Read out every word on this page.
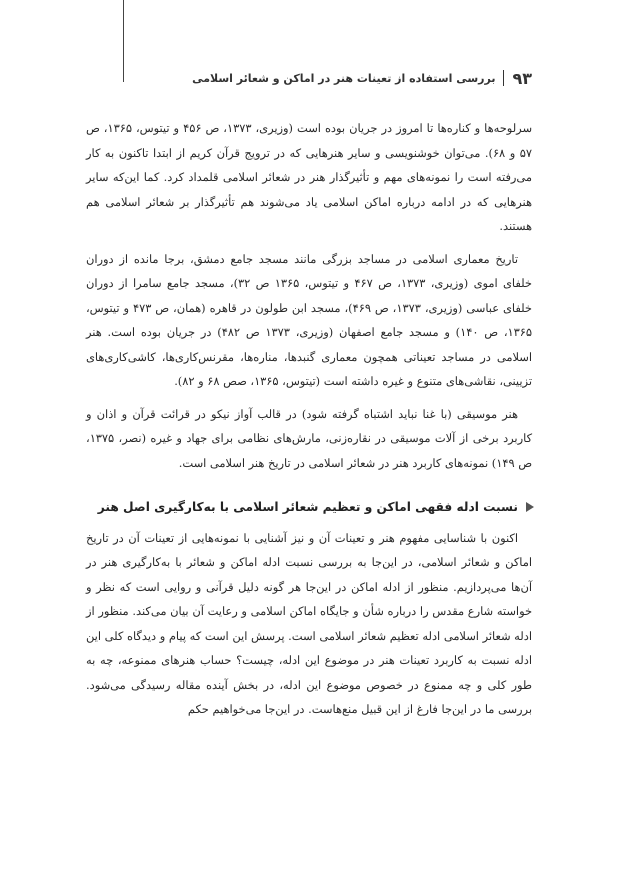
۹۳
بررسی استفاده از تعینات هنر در اماکن و شعائر اسلامی

سرلوحه‌ها و کناره‌ها تا امروز در جریان بوده است (وزیری، ۱۳۷۳، ص ۴۵۶ و تیتوس، ۱۳۶۵، ص ۵۷ و ۶۸). می‌توان خوشنویسی و سایر هنرهایی که در ترویج قرآن کریم از ابتدا تاکنون به کار می‌رفته است را نمونه‌های مهم و تأثیرگذار هنر در شعائر اسلامی قلمداد کرد. کما این‌که سایر هنرهایی که در ادامه درباره اماکن اسلامی یاد می‌شوند هم تأثیرگذار بر شعائر اسلامی هم هستند.

تاریخ معماری اسلامی در مساجد بزرگی مانند مسجد جامع دمشق، برجا مانده از دوران خلفای اموی (وزیری، ۱۳۷۳، ص ۴۶۷ و تیتوس، ۱۳۶۵ ص ۳۲)، مسجد جامع سامرا از دوران خلفای عباسی (وزیری، ۱۳۷۳، ص ۴۶۹)، مسجد ابن طولون در قاهره (همان، ص ۴۷۳ و تیتوس، ۱۳۶۵، ص ۱۴۰) و مسجد جامع اصفهان (وزیری، ۱۳۷۳ ص ۴۸۲) در جریان بوده است. هنر اسلامی در مساجد تعیناتی همچون معماری گنبدها، مناره‌ها، مقرنس‌کاری‌ها، کاشی‌کاری‌های تزیینی، نقاشی‌های متنوع و غیره داشته است (تیتوس، ۱۳۶۵، صص ۶۸ و ۸۲).

هنر موسیقی (با غنا نباید اشتباه گرفته شود) در قالب آواز نیکو در قرائت قرآن و اذان و کاربرد برخی از آلات موسیقی در نقاره‌زنی، مارش‌های نظامی برای جهاد و غیره (نصر، ۱۳۷۵، ص ۱۴۹) نمونه‌های کاربرد هنر در شعائر اسلامی در تاریخ هنر اسلامی است.

نسبت ادله فقهی اماکن و تعظیم شعائر اسلامی با به‌کارگیری اصل هنر

اکنون با شناسایی مفهوم هنر و تعینات آن و نیز آشنایی با نمونه‌هایی از تعینات آن در تاریخ اماکن و شعائر اسلامی، در این‌جا به بررسی نسبت ادله اماکن و شعائر با به‌کارگیری هنر در آن‌ها می‌پردازیم. منظور از ادله اماکن در این‌جا هر گونه دلیل قرآنی و روایی است که نظر و خواسته شارع مقدس را درباره شأن و جایگاه اماکن اسلامی و رعایت آن بیان می‌کند. منظور از ادله شعائر اسلامی ادله تعظیم شعائر اسلامی است. پرسش این است که پیام و دیدگاه کلی این ادله نسبت به کاربرد تعینات هنر در موضوع این ادله، چیست؟ حساب هنرهای ممنوعه، چه به طور کلی و چه ممنوع در خصوص موضوع این ادله، در بخش آینده مقاله رسیدگی می‌شود. بررسی ما در این‌جا فارغ از این قبیل منع‌هاست. در این‌جا می‌خواهیم حکم
